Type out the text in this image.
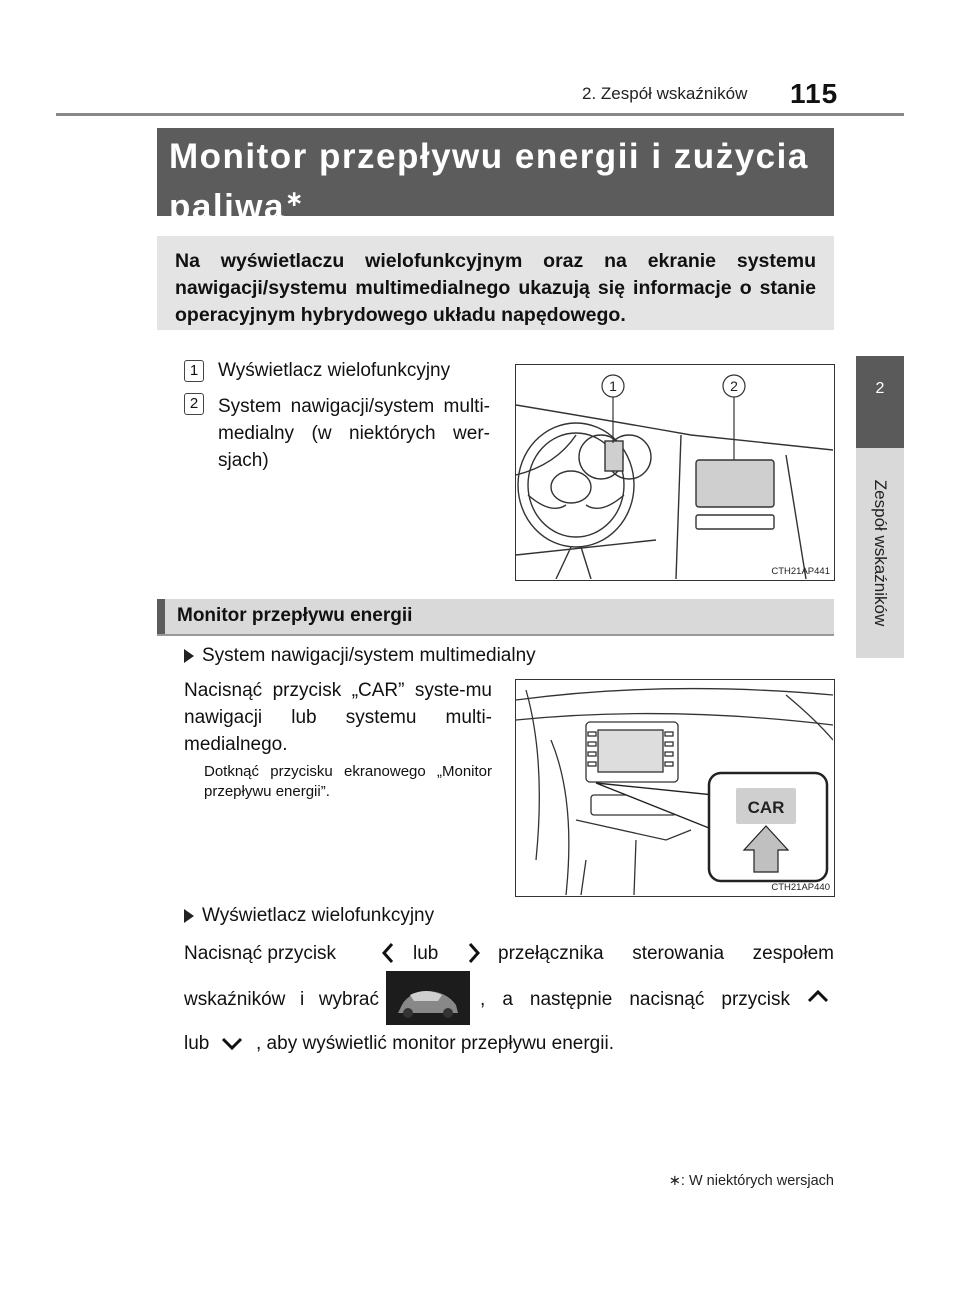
2. Zespół wskaźników 115
2
Zespół wskaźników
Monitor przepływu energii i zużycia
paliwa∗
Na wyświetlaczu wielofunkcyjnym oraz na ekranie systemu nawigacji/systemu multimedialnego ukazują się informacje o stanie operacyjnym hybrydowego układu napędowego.
1	Wyświetlacz wielofunkcyjny
2	System nawigacji/system multi-medialny (w niektórych wer-sjach)
1	2
CTH21AP441
Monitor przepływu energii
System nawigacji/system multimedialny
Nacisnąć przycisk „CAR” syste-mu nawigacji lub systemu multi-medialnego.
Dotknąć przycisku ekranowego „Monitor przepływu energii”.
CAR
CTH21AP440
Wyświetlacz wielofunkcyjny
Nacisnąć przycisk	lub	przełącznika sterowania zespołem
wskaźników i wybrać	, a następnie nacisnąć przycisk
lub , aby wyświetlić monitor przepływu energii.
∗: W niektórych wersjach
